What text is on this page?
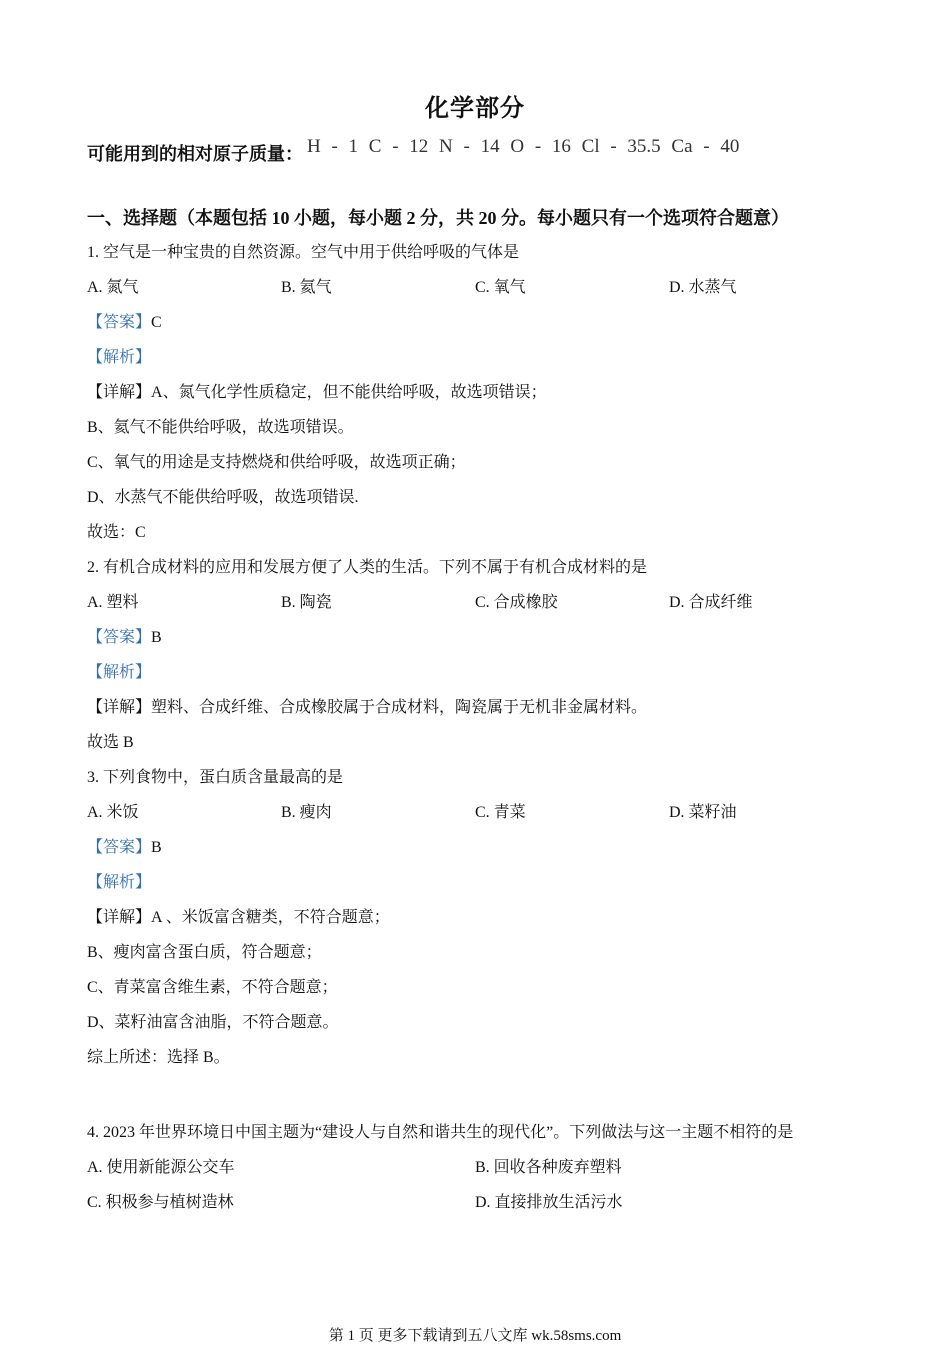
化学部分
可能用到的相对原子质量： H - 1 C - 12 N - 14 O - 16 Cl - 35.5 Ca - 40
一、选择题（本题包括 10 小题，每小题 2 分，共 20 分。每小题只有一个选项符合题意）
1. 空气是一种宝贵的自然资源。空气中用于供给呼吸的气体是
A. 氮气	B. 氦气	C. 氧气	D. 水蒸气
【答案】C
【解析】
【详解】A、氮气化学性质稳定，但不能供给呼吸，故选项错误；
B、氦气不能供给呼吸，故选项错误。
C、氧气的用途是支持燃烧和供给呼吸，故选项正确；
D、水蒸气不能供给呼吸，故选项错误.
故选：C
2. 有机合成材料的应用和发展方便了人类的生活。下列不属于有机合成材料的是
A. 塑料	B. 陶瓷	C. 合成橡胶	D. 合成纤维
【答案】B
【解析】
【详解】塑料、合成纤维、合成橡胶属于合成材料，陶瓷属于无机非金属材料。
故选 B
3. 下列食物中，蛋白质含量最高的是
A. 米饭	B. 瘦肉	C. 青菜	D. 菜籽油
【答案】B
【解析】
【详解】A 、米饭富含糖类，不符合题意；
B、瘦肉富含蛋白质，符合题意；
C、青菜富含维生素，不符合题意；
D、菜籽油富含油脂，不符合题意。
综上所述：选择 B。
4. 2023 年世界环境日中国主题为“建设人与自然和谐共生的现代化”。下列做法与这一主题不相符的是
A. 使用新能源公交车	B. 回收各种废弃塑料
C. 积极参与植树造林	D. 直接排放生活污水
第 1 页 更多下载请到五八文库 wk.58sms.com
